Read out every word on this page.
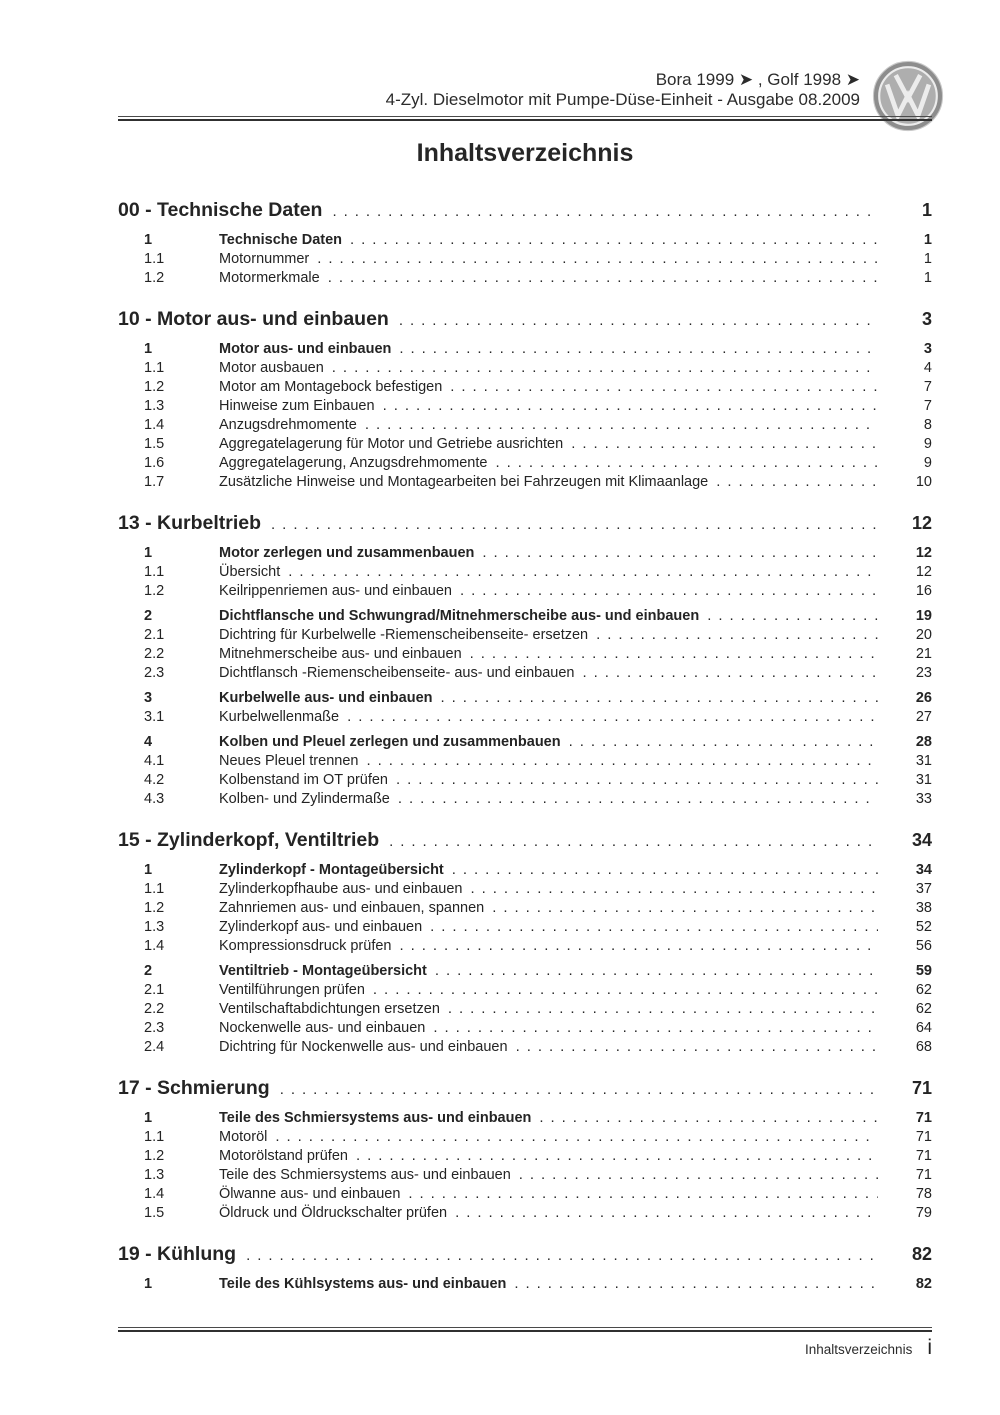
Bora 1999 ➤ , Golf 1998 ➤
4-Zyl. Dieselmotor mit Pumpe-Düse-Einheit - Ausgabe 08.2009
Inhaltsverzeichnis
00 - Technische Daten . . .	1
1	Technische Daten . . .	1
1.1	Motornummer . . .	1
1.2	Motormerkmale . . .	1
10 - Motor aus- und einbauen . . .	3
1	Motor aus- und einbauen . . .	3
1.1	Motor ausbauen . . .	4
1.2	Motor am Montagebock befestigen . . .	7
1.3	Hinweise zum Einbauen . . .	7
1.4	Anzugsdrehmomente . . .	8
1.5	Aggregatelagerung für Motor und Getriebe ausrichten . . .	9
1.6	Aggregatelagerung, Anzugsdrehmomente . . .	9
1.7	Zusätzliche Hinweise und Montagearbeiten bei Fahrzeugen mit Klimaanlage . . .	10
13 - Kurbeltrieb . . .	12
1	Motor zerlegen und zusammenbauen . . .	12
1.1	Übersicht . . .	12
1.2	Keilrippenriemen aus- und einbauen . . .	16
2	Dichtflansche und Schwungrad/Mitnehmerscheibe aus- und einbauen . . .	19
2.1	Dichtring für Kurbelwelle -Riemenscheibenseite- ersetzen . . .	20
2.2	Mitnehmerscheibe aus- und einbauen . . .	21
2.3	Dichtflansch -Riemenscheibenseite- aus- und einbauen . . .	23
3	Kurbelwelle aus- und einbauen . . .	26
3.1	Kurbelwellenmaße . . .	27
4	Kolben und Pleuel zerlegen und zusammenbauen . . .	28
4.1	Neues Pleuel trennen . . .	31
4.2	Kolbenstand im OT prüfen . . .	31
4.3	Kolben- und Zylindermaße . . .	33
15 - Zylinderkopf, Ventiltrieb . . .	34
1	Zylinderkopf - Montageübersicht . . .	34
1.1	Zylinderkopfhaube aus- und einbauen . . .	37
1.2	Zahnriemen aus- und einbauen, spannen . . .	38
1.3	Zylinderkopf aus- und einbauen . . .	52
1.4	Kompressionsdruck prüfen . . .	56
2	Ventiltrieb - Montageübersicht . . .	59
2.1	Ventilführungen prüfen . . .	62
2.2	Ventilschaftabdichtungen ersetzen . . .	62
2.3	Nockenwelle aus- und einbauen . . .	64
2.4	Dichtring für Nockenwelle aus- und einbauen . . .	68
17 - Schmierung . . .	71
1	Teile des Schmiersystems aus- und einbauen . . .	71
1.1	Motoröl . . .	71
1.2	Motorölstand prüfen . . .	71
1.3	Teile des Schmiersystems aus- und einbauen . . .	71
1.4	Ölwanne aus- und einbauen . . .	78
1.5	Öldruck und Öldruckschalter prüfen . . .	79
19 - Kühlung . . .	82
1	Teile des Kühlsystems aus- und einbauen . . .	82
Inhaltsverzeichnis i
